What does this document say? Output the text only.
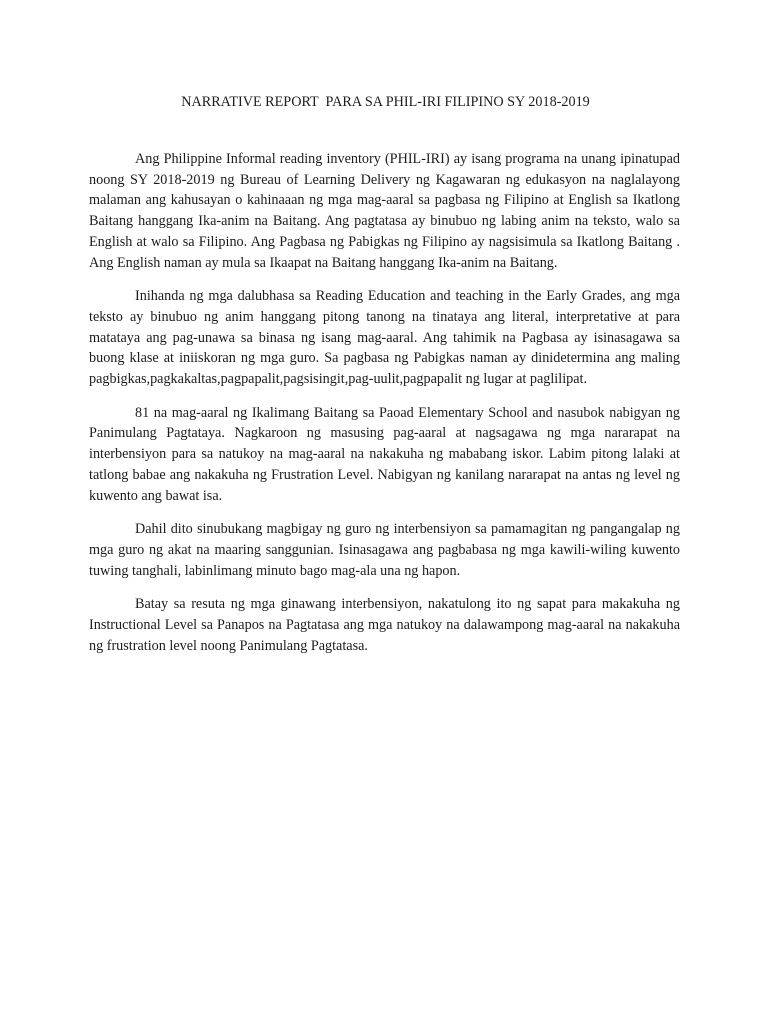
NARRATIVE REPORT  PARA SA PHIL-IRI FILIPINO SY 2018-2019

Ang Philippine Informal reading inventory (PHIL-IRI) ay isang programa na unang ipinatupad noong SY 2018-2019 ng Bureau of Learning Delivery ng Kagawaran ng edukasyon na naglalayong malaman ang kahusayan o kahinaaan ng mga mag-aaral sa pagbasa ng Filipino at English sa Ikatlong Baitang hanggang Ika-anim na Baitang. Ang pagtatasa ay binubuo ng labing anim na teksto, walo sa English at walo sa Filipino. Ang Pagbasa ng Pabigkas ng Filipino ay nagsisimula sa Ikatlong Baitang . Ang English naman ay mula sa Ikaapat na Baitang hanggang Ika-anim na Baitang.

Inihanda ng mga dalubhasa sa Reading Education and teaching in the Early Grades, ang mga teksto ay binubuo ng anim hanggang pitong tanong na tinataya ang literal, interpretative at para matataya ang pag-unawa sa binasa ng isang mag-aaral. Ang tahimik na Pagbasa ay isinasagawa sa buong klase at iniiskoran ng mga guro. Sa pagbasa ng Pabigkas naman ay dinidetermina ang maling pagbigkas,pagkakaltas,pagpapalit,pagsisingit,pag-uulit,pagpapalit ng lugar at paglilipat.

81 na mag-aaral ng Ikalimang Baitang sa Paoad Elementary School and nasubok nabigyan ng Panimulang Pagtataya. Nagkaroon ng masusing pag-aaral at nagsagawa ng mga nararapat na interbensiyon para sa natukoy na mag-aaral na nakakuha ng mababang iskor. Labim pitong lalaki at tatlong babae ang nakakuha ng Frustration Level. Nabigyan ng kanilang nararapat na antas ng level ng kuwento ang bawat isa.

Dahil dito sinubukang magbigay ng guro ng interbensiyon sa pamamagitan ng pangangalap ng mga guro ng akat na maaring sanggunian. Isinasagawa ang pagbabasa ng mga kawili-wiling kuwento tuwing tanghali, labinlimang minuto bago mag-ala una ng hapon.

Batay sa resuta ng mga ginawang interbensiyon, nakatulong ito ng sapat para makakuha ng Instructional Level sa Panapos na Pagtatasa ang mga natukoy na dalawampong mag-aaral na nakakuha ng frustration level noong Panimulang Pagtatasa.
